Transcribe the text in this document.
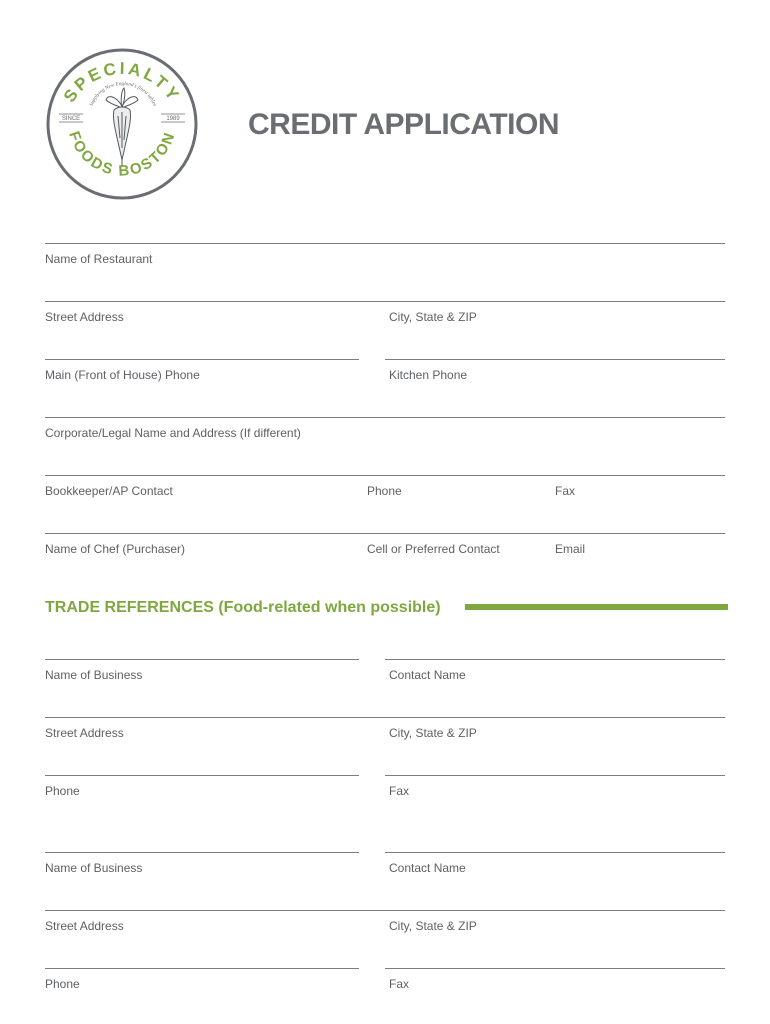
SPECIALTY
FOODS BOSTON
Supplying New England's finest tables
SINCE	1989 CREDIT APPLICATION
Name of Restaurant
Street Address	City, State & ZIP
Main (Front of House) Phone	Kitchen Phone
Corporate/Legal Name and Address (If different)
Bookkeeper/AP Contact	Phone	Fax
Name of Chef (Purchaser)	Cell or Preferred Contact	Email
TRADE REFERENCES (Food-related when possible)
Name of Business	Contact Name
Street Address	City, State & ZIP
Phone	Fax
Name of Business	Contact Name
Street Address	City, State & ZIP
Phone	Fax
